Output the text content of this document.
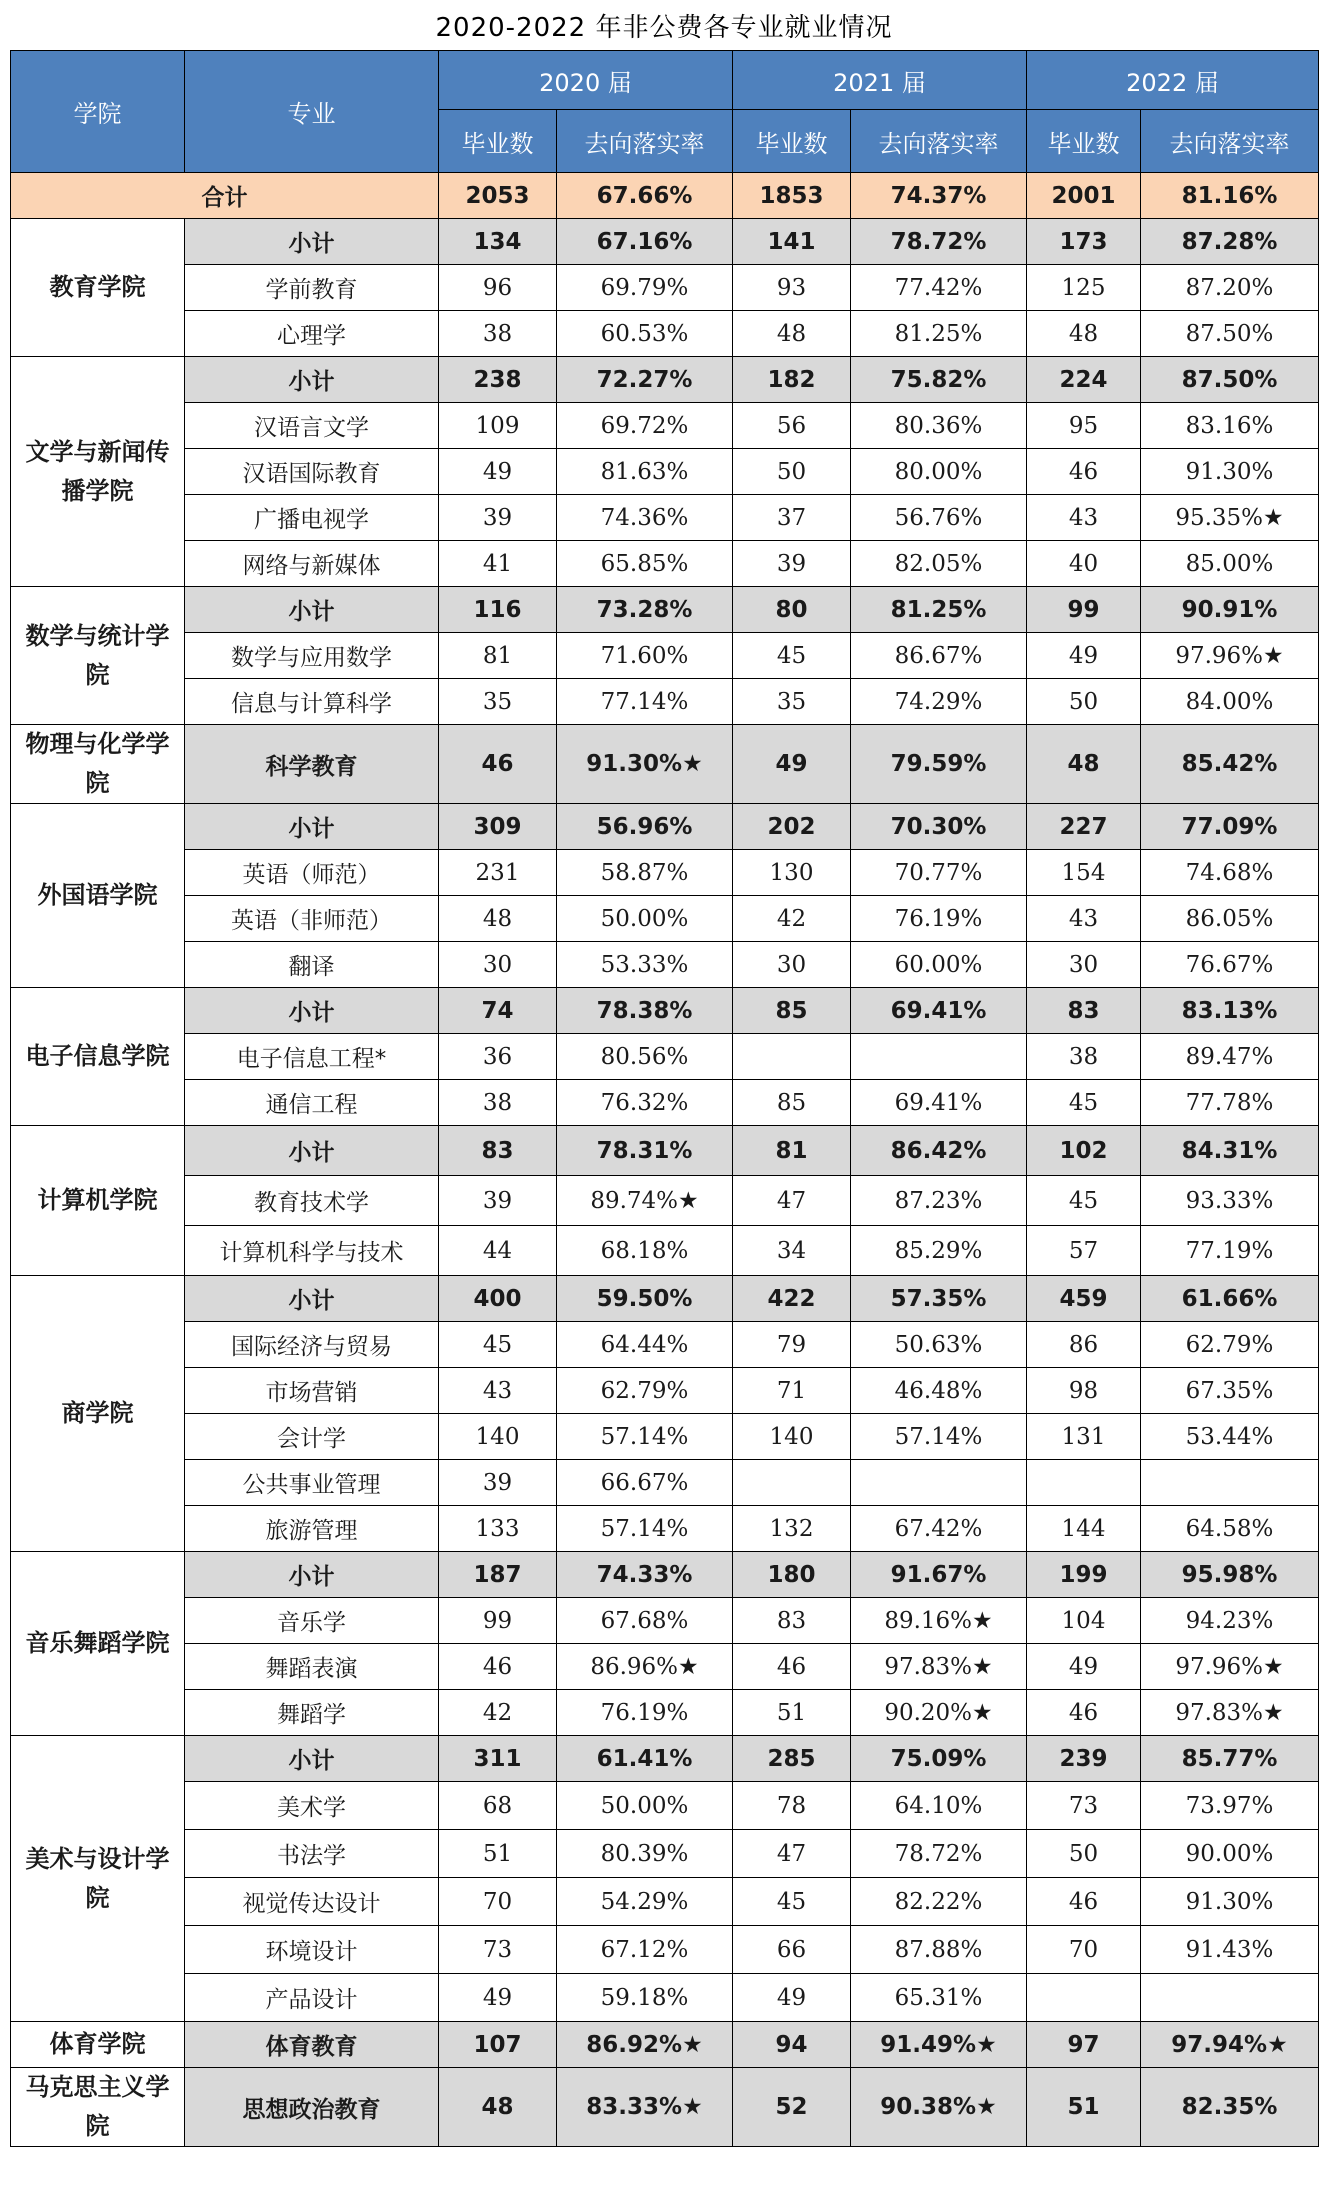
2020-2022 年非公费各专业就业情况
学院	专业	2020 届		2021 届		2022 届	
		毕业数	去向落实率	毕业数	去向落实率	毕业数	去向落实率
合计		2053	67.66%	1853	74.37%	2001	81.16%
教育学院	小计	134	67.16%	141	78.72%	173	87.28%
	学前教育	96	69.79%	93	77.42%	125	87.20%
	心理学	38	60.53%	48	81.25%	48	87.50%
文学与新闻传播学院	小计	238	72.27%	182	75.82%	224	87.50%
	汉语言文学	109	69.72%	56	80.36%	95	83.16%
	汉语国际教育	49	81.63%	50	80.00%	46	91.30%
	广播电视学	39	74.36%	37	56.76%	43	95.35%★
	网络与新媒体	41	65.85%	39	82.05%	40	85.00%
数学与统计学院	小计	116	73.28%	80	81.25%	99	90.91%
	数学与应用数学	81	71.60%	45	86.67%	49	97.96%★
	信息与计算科学	35	77.14%	35	74.29%	50	84.00%
物理与化学学院	科学教育	46	91.30%★	49	79.59%	48	85.42%
外国语学院	小计	309	56.96%	202	70.30%	227	77.09%
	英语（师范）	231	58.87%	130	70.77%	154	74.68%
	英语（非师范）	48	50.00%	42	76.19%	43	86.05%
	翻译	30	53.33%	30	60.00%	30	76.67%
电子信息学院	小计	74	78.38%	85	69.41%	83	83.13%
	电子信息工程*	36	80.56%			38	89.47%
	通信工程	38	76.32%	85	69.41%	45	77.78%
计算机学院	小计	83	78.31%	81	86.42%	102	84.31%
	教育技术学	39	89.74%★	47	87.23%	45	93.33%
	计算机科学与技术	44	68.18%	34	85.29%	57	77.19%
商学院	小计	400	59.50%	422	57.35%	459	61.66%
	国际经济与贸易	45	64.44%	79	50.63%	86	62.79%
	市场营销	43	62.79%	71	46.48%	98	67.35%
	会计学	140	57.14%	140	57.14%	131	53.44%
	公共事业管理	39	66.67%				
	旅游管理	133	57.14%	132	67.42%	144	64.58%
音乐舞蹈学院	小计	187	74.33%	180	91.67%	199	95.98%
	音乐学	99	67.68%	83	89.16%★	104	94.23%
	舞蹈表演	46	86.96%★	46	97.83%★	49	97.96%★
	舞蹈学	42	76.19%	51	90.20%★	46	97.83%★
美术与设计学院	小计	311	61.41%	285	75.09%	239	85.77%
	美术学	68	50.00%	78	64.10%	73	73.97%
	书法学	51	80.39%	47	78.72%	50	90.00%
	视觉传达设计	70	54.29%	45	82.22%	46	91.30%
	环境设计	73	67.12%	66	87.88%	70	91.43%
	产品设计	49	59.18%	49	65.31%		
体育学院	体育教育	107	86.92%★	94	91.49%★	97	97.94%★
马克思主义学院	思想政治教育	48	83.33%★	52	90.38%★	51	82.35%
